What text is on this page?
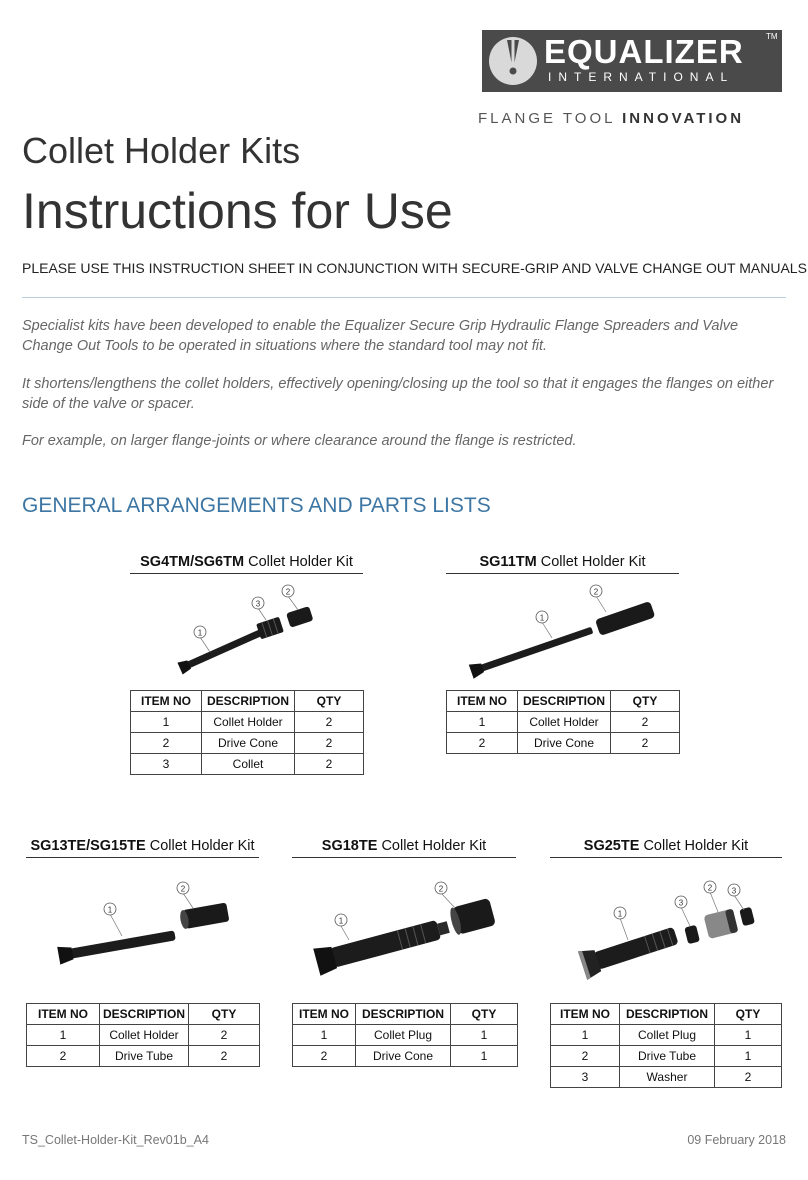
EQUALIZER	TM
INTERNATIONAL
FLANGE TOOL INNOVATION
Collet Holder Kits
Instructions for Use
PLEASE USE THIS INSTRUCTION SHEET IN CONJUNCTION WITH SECURE-GRIP AND VALVE CHANGE OUT MANUALS
Specialist kits have been developed to enable the Equalizer Secure Grip Hydraulic Flange Spreaders and Valve Change Out Tools to be operated in situations where the standard tool may not fit.
It shortens/lengthens the collet holders, effectively opening/closing up the tool so that it engages the flanges on either side of the valve or spacer.
For example, on larger flange-joints or where clearance around the flange is restricted.
GENERAL ARRANGEMENTS AND PARTS LISTS
SG4TM/SG6TM Collet Holder Kit
1
2
3
ITEM NO	DESCRIPTION	QTY
1	Collet Holder	2
2	Drive Cone	2
3	Collet	2
SG11TM Collet Holder Kit
1
2
ITEM NO	DESCRIPTION	QTY
1	Collet Holder	2
2	Drive Cone	2
SG13TE/SG15TE Collet Holder Kit
1
2
ITEM NO	DESCRIPTION	QTY
1	Collet Holder	2
2	Drive Tube	2
SG18TE Collet Holder Kit
1
2
ITEM NO	DESCRIPTION	QTY
1	Collet Plug	1
2	Drive Cone	1
SG25TE Collet Holder Kit
1
2
3
3
ITEM NO	DESCRIPTION	QTY
1	Collet Plug	1
2	Drive Tube	1
3	Washer	2
TS_Collet-Holder-Kit_Rev01b_A4	09 February 2018
